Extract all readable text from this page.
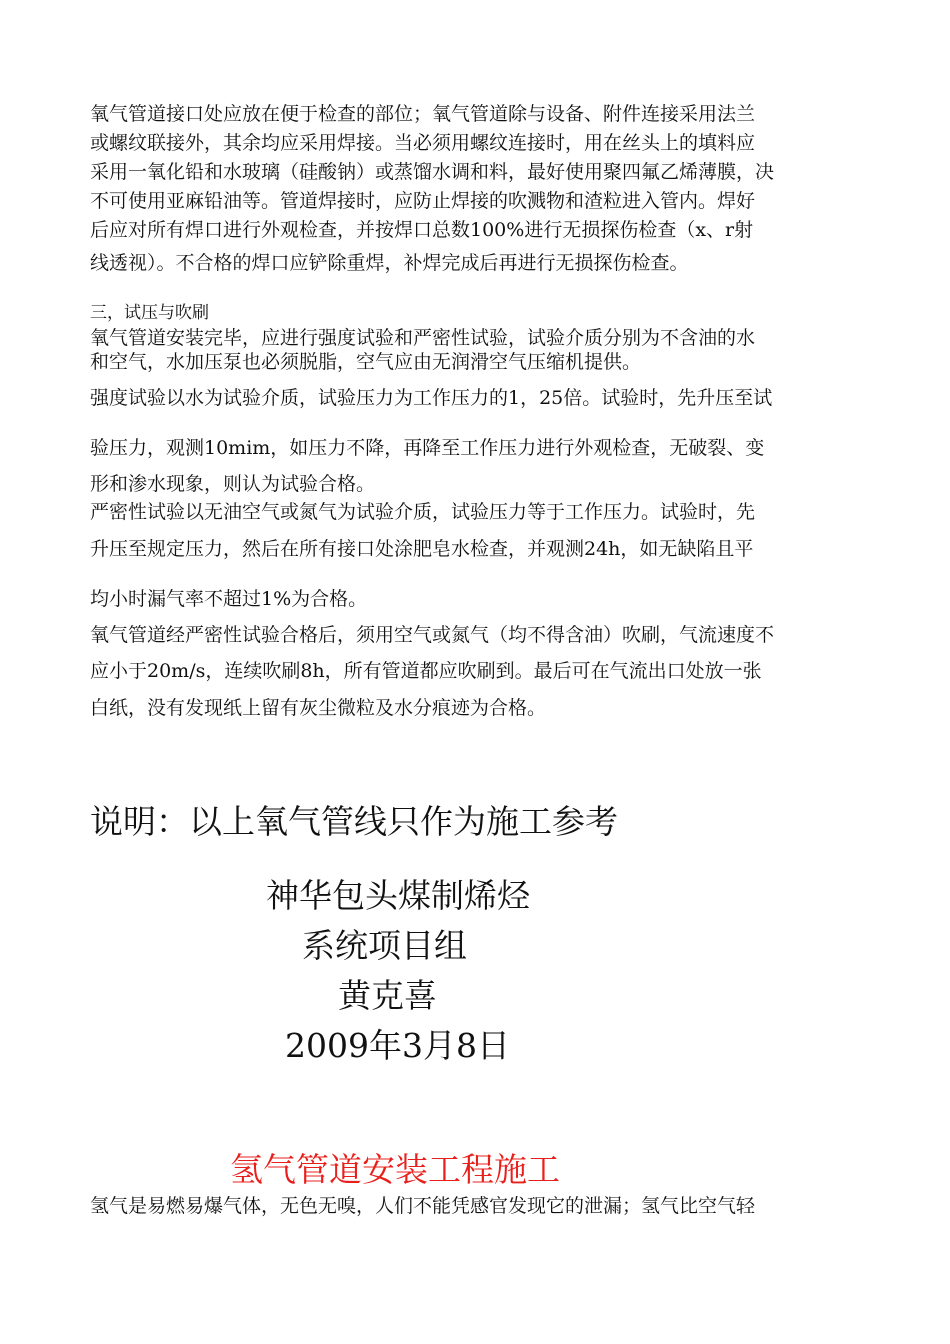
氧气管道接口处应放在便于检查的部位；氧气管道除与设备、附件连接采用法兰
或螺纹联接外，其余均应采用焊接。当必须用螺纹连接时，用在丝头上的填料应
采用一氧化铅和水玻璃（硅酸钠）或蒸馏水调和料，最好使用聚四氟乙烯薄膜，决
不可使用亚麻铅油等。管道焊接时，应防止焊接的吹溅物和渣粒进入管内。焊好
后应对所有焊口进行外观检查，并按焊口总数100%进行无损探伤检查（x、r射
线透视）。不合格的焊口应铲除重焊，补焊完成后再进行无损探伤检查。
三，试压与吹刷
氧气管道安装完毕，应进行强度试验和严密性试验，试验介质分别为不含油的水
和空气，水加压泵也必须脱脂，空气应由无润滑空气压缩机提供。
强度试验以水为试验介质，试验压力为工作压力的1，25倍。试验时，先升压至试
验压力，观测10mim，如压力不降，再降至工作压力进行外观检查，无破裂、变
形和渗水现象，则认为试验合格。
严密性试验以无油空气或氮气为试验介质，试验压力等于工作压力。试验时，先
升压至规定压力，然后在所有接口处涂肥皂水检查，并观测24h，如无缺陷且平
均小时漏气率不超过1%为合格。
氧气管道经严密性试验合格后，须用空气或氮气（均不得含油）吹刷，气流速度不
应小于20m/s，连续吹刷8h，所有管道都应吹刷到。最后可在气流出口处放一张
白纸，没有发现纸上留有灰尘微粒及水分痕迹为合格。
说明：以上氧气管线只作为施工参考
神华包头煤制烯烃
系统项目组
黄克喜
2009年3月8日
氢气管道安装工程施工
氢气是易燃易爆气体，无色无嗅，人们不能凭感官发现它的泄漏；氢气比空气轻
